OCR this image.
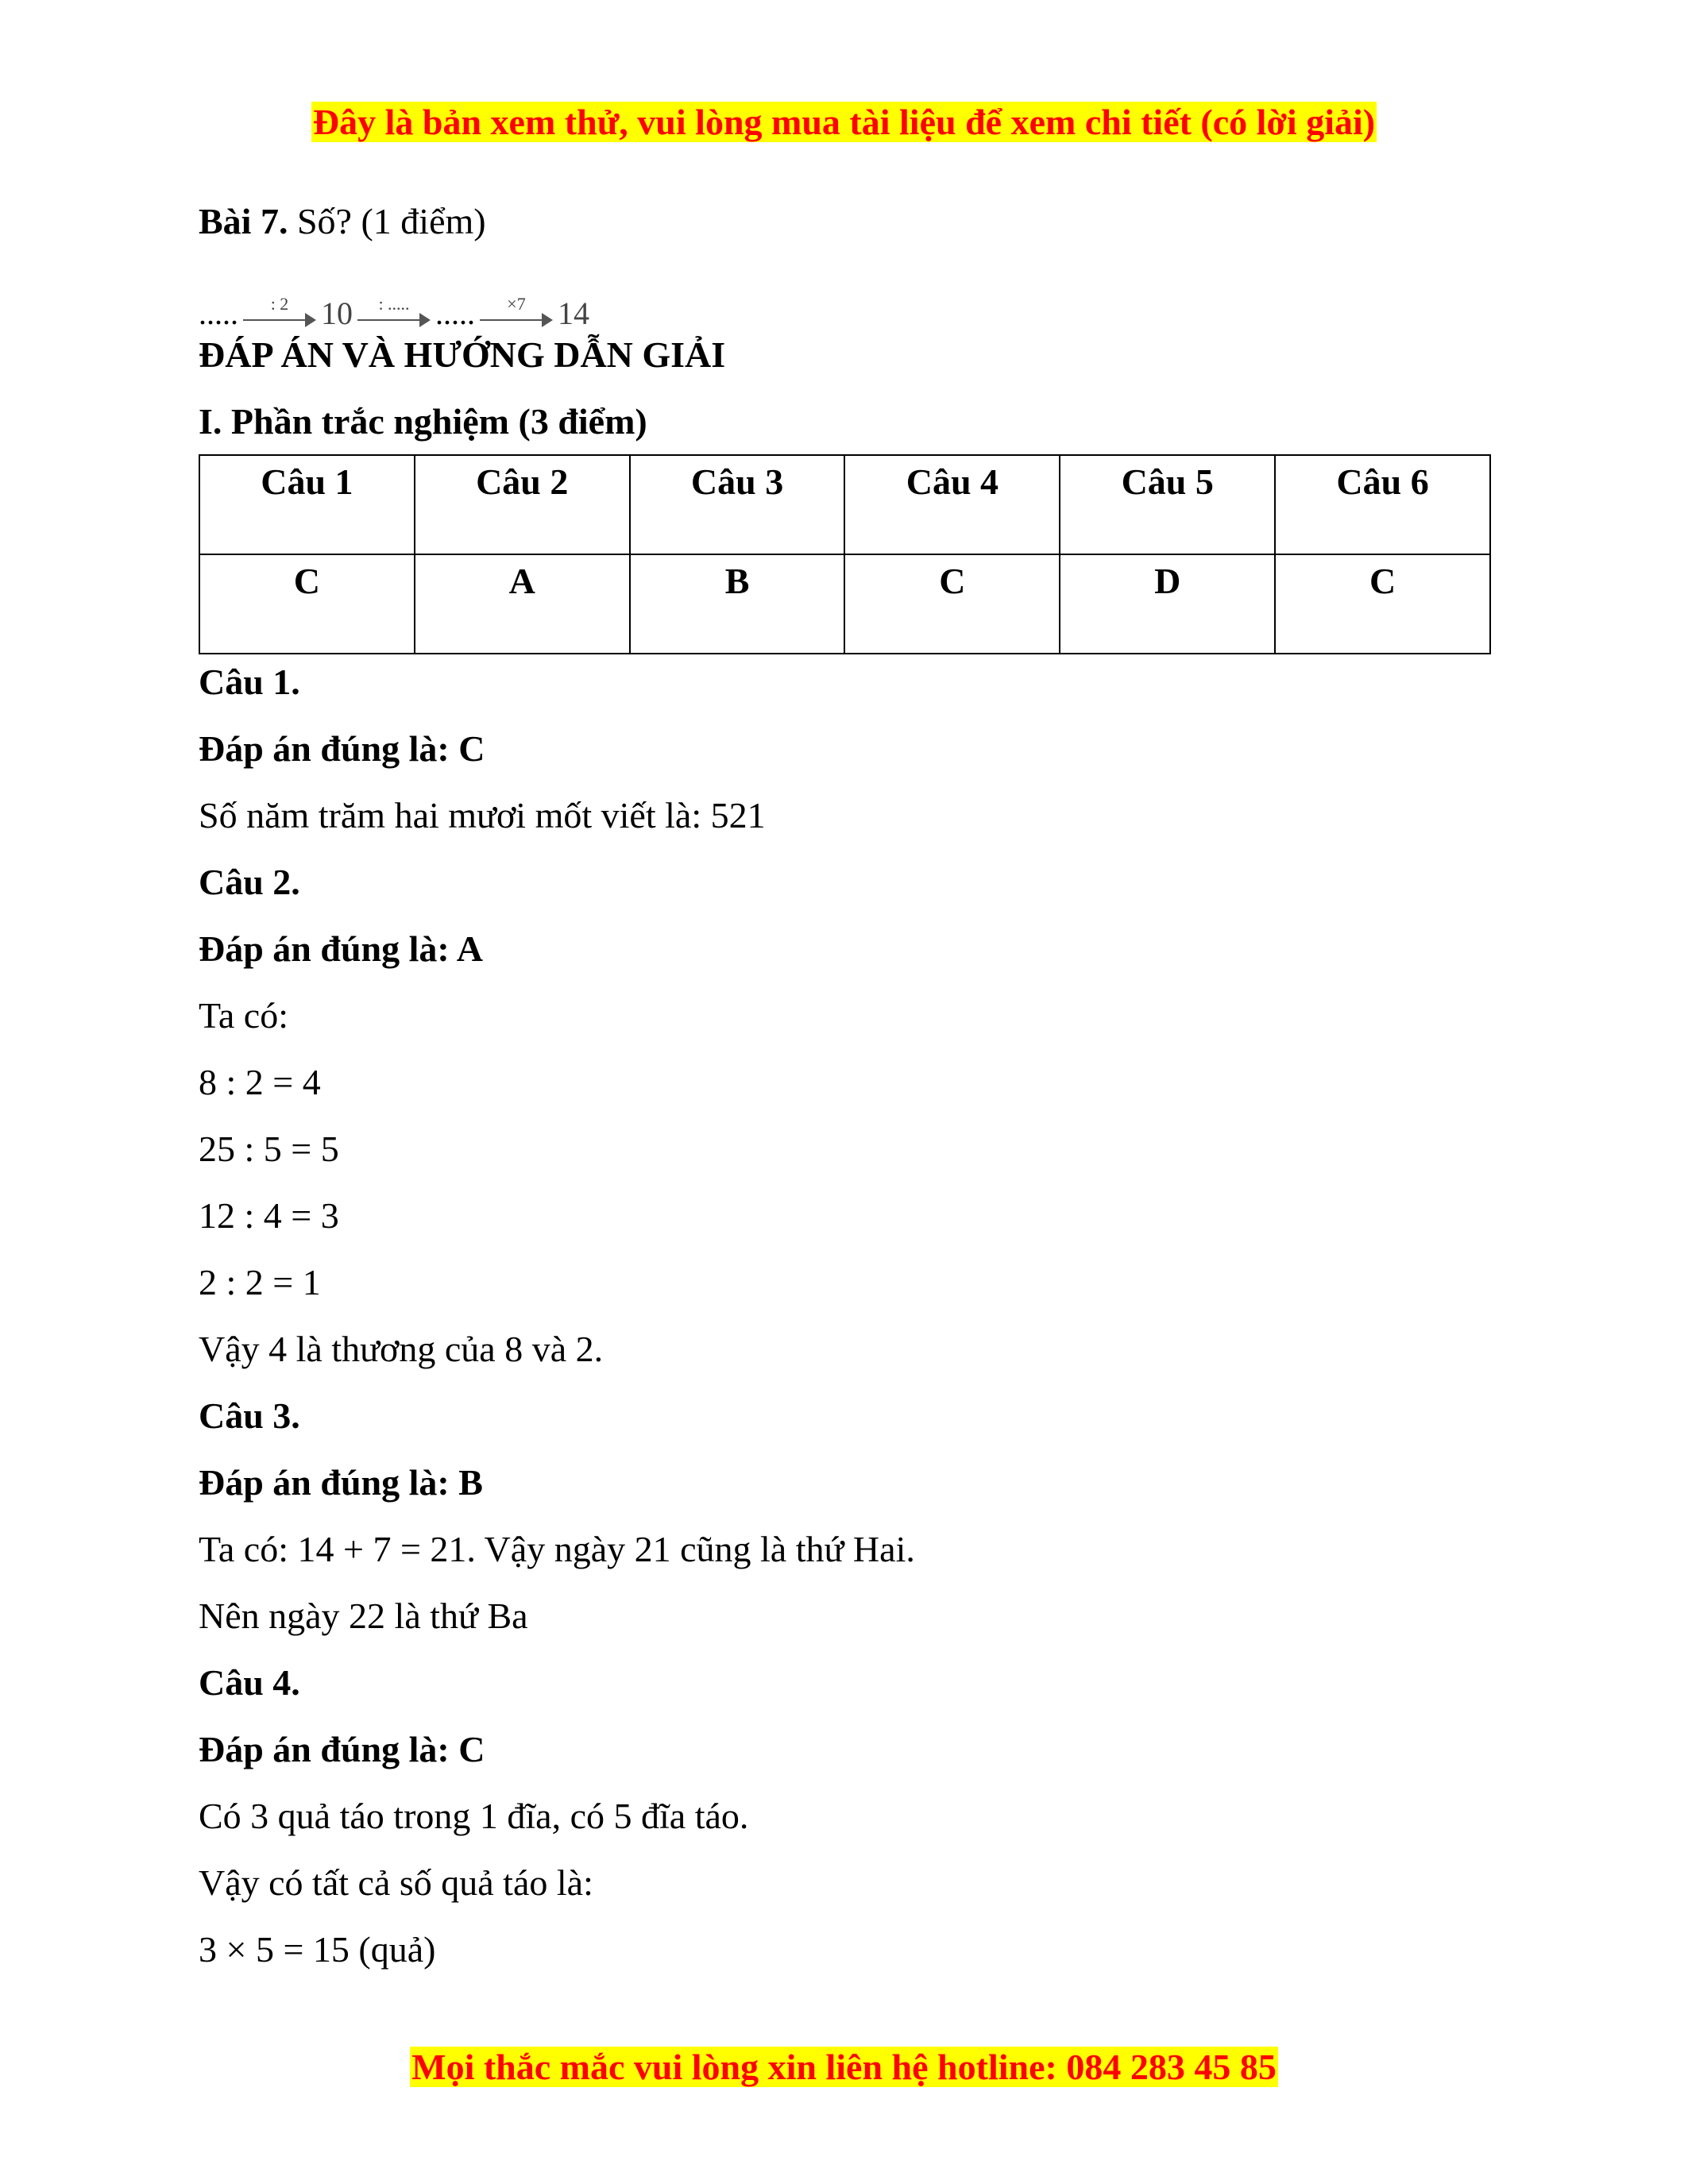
Đây là bản xem thử, vui lòng mua tài liệu để xem chi tiết (có lời giải)
Bài 7. Số? (1 điểm)
.....	: 2	10	: ..... .....	×7	14
ĐÁP ÁN VÀ HƯỚNG DẪN GIẢI
I. Phần trắc nghiệm (3 điểm)
Câu 1	Câu 2	Câu 3	Câu 4	Câu 5	Câu 6
C	A	B	C	D	C
Câu 1.
Đáp án đúng là: C
Số năm trăm hai mươi mốt viết là: 521
Câu 2.
Đáp án đúng là: A
Ta có:
8 : 2 = 4
25 : 5 = 5
12 : 4 = 3
2 : 2 = 1
Vậy 4 là thương của 8 và 2.
Câu 3.
Đáp án đúng là: B
Ta có: 14 + 7 = 21. Vậy ngày 21 cũng là thứ Hai.
Nên ngày 22 là thứ Ba
Câu 4.
Đáp án đúng là: C
Có 3 quả táo trong 1 đĩa, có 5 đĩa táo.
Vậy có tất cả số quả táo là:
3 × 5 = 15 (quả)
Mọi thắc mắc vui lòng xin liên hệ hotline: 084 283 45 85
